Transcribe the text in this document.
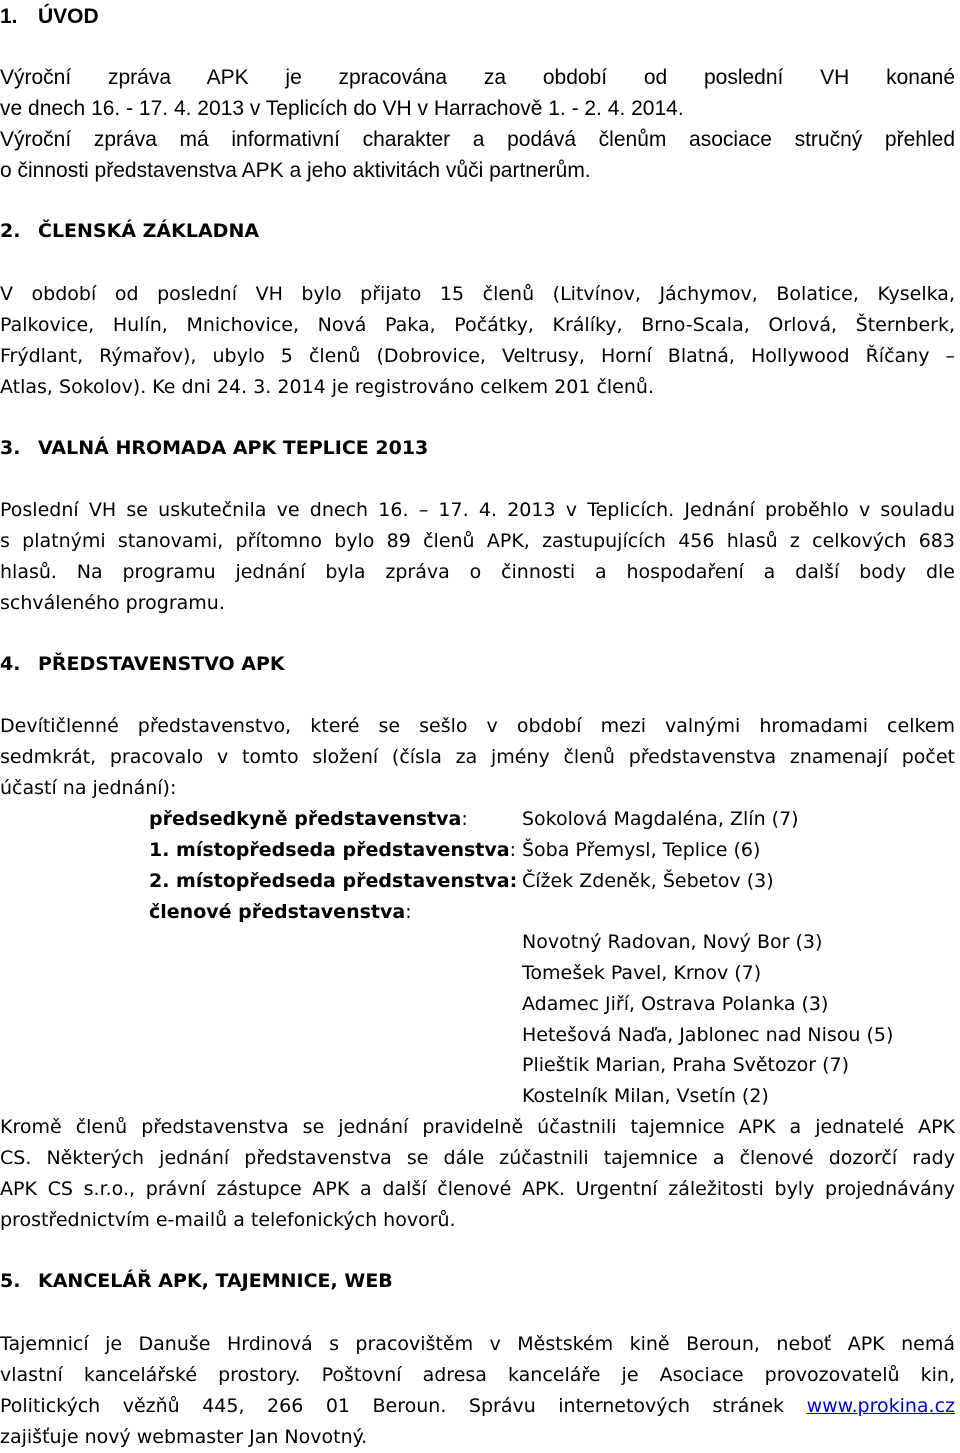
1. ÚVOD
Výroční zpráva APK je zpracována za období od poslední VH konané
ve dnech 16. - 17. 4. 2013 v Teplicích do VH v Harrachově 1. - 2. 4. 2014.
Výroční zpráva má informativní charakter a podává členům asociace stručný přehled
o činnosti představenstva APK a jeho aktivitách vůči partnerům.
2. ČLENSKÁ ZÁKLADNA
V období od poslední VH bylo přijato 15 členů (Litvínov, Jáchymov, Bolatice, Kyselka,
Palkovice, Hulín, Mnichovice, Nová Paka, Počátky, Králíky, Brno-Scala, Orlová, Šternberk,
Frýdlant, Rýmařov), ubylo 5 členů (Dobrovice, Veltrusy, Horní Blatná, Hollywood Říčany –
Atlas, Sokolov). Ke dni 24. 3. 2014 je registrováno celkem 201 členů.
3. VALNÁ HROMADA APK TEPLICE 2013
Poslední VH se uskutečnila ve dnech 16. – 17. 4. 2013 v Teplicích. Jednání proběhlo v souladu
s platnými stanovami, přítomno bylo 89 členů APK, zastupujících 456 hlasů z celkových 683
hlasů. Na programu jednání byla zpráva o činnosti a hospodaření a další body dle
schváleného programu.
4. PŘEDSTAVENSTVO APK
Devítičlenné představenstvo, které se sešlo v období mezi valnými hromadami celkem
sedmkrát, pracovalo v tomto složení (čísla za jmény členů představenstva znamenají počet
účastí na jednání):
předsedkyně představenstva:	Sokolová Magdaléna, Zlín (7)
1. místopředseda představenstva: Šoba Přemysl, Teplice (6)
2. místopředseda představenstva: Čížek Zdeněk, Šebetov (3)
členové představenstva:
Novotný Radovan, Nový Bor (3)
Tomešek Pavel, Krnov (7)
Adamec Jiří, Ostrava Polanka (3)
Hetešová Naďa, Jablonec nad Nisou (5)
Plieštik Marian, Praha Světozor (7)
Kostelník Milan, Vsetín (2)
Kromě členů představenstva se jednání pravidelně účastnili tajemnice APK a jednatelé APK
CS. Některých jednání představenstva se dále zúčastnili tajemnice a členové dozorčí rady
APK CS s.r.o., právní zástupce APK a další členové APK. Urgentní záležitosti byly projednávány
prostřednictvím e-mailů a telefonických hovorů.
5. KANCELÁŘ APK, TAJEMNICE, WEB
Tajemnicí je Danuše Hrdinová s pracovištěm v Městském kině Beroun, neboť APK nemá
vlastní kancelářské prostory. Poštovní adresa kanceláře je Asociace provozovatelů kin,
Politických vězňů 445, 266 01 Beroun. Správu internetových stránek www.prokina.cz
zajišťuje nový webmaster Jan Novotný.
